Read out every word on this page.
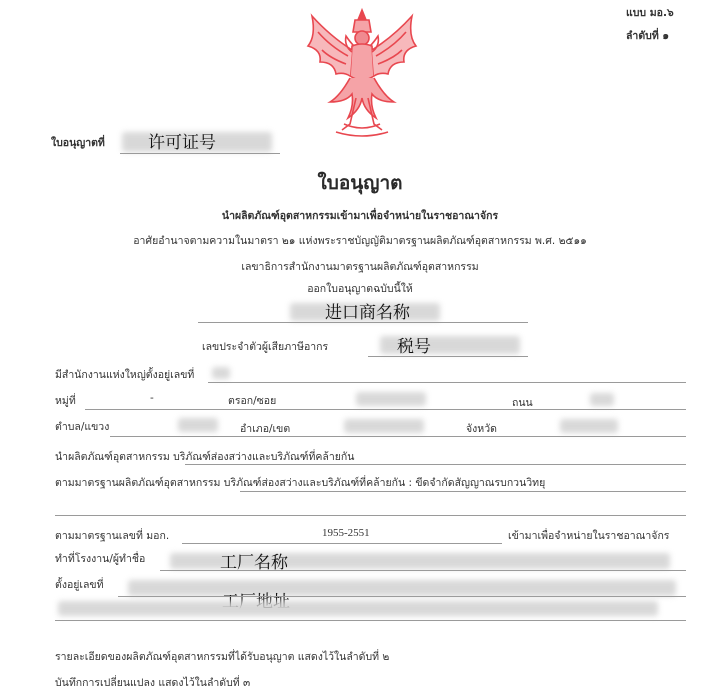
แบบ มอ.๖
ลำดับที่ ๑
ใบอนุญาตที่	许可证号
ใบอนุญาต
นำผลิตภัณฑ์อุตสาหกรรมเข้ามาเพื่อจำหน่ายในราชอาณาจักร
อาศัยอำนาจตามความในมาตรา ๒๑ แห่งพระราชบัญญัติมาตรฐานผลิตภัณฑ์อุตสาหกรรม พ.ศ. ๒๕๑๑
เลขาธิการสำนักงานมาตรฐานผลิตภัณฑ์อุตสาหกรรม
ออกใบอนุญาตฉบับนี้ให้
进口商名称
เลขประจำตัวผู้เสียภาษีอากร	税号
มีสำนักงานแห่งใหญ่ตั้งอยู่เลขที่
หมู่ที่	-	ตรอก/ซอย	ถนน
ตำบล/แขวง	อำเภอ/เขต	จังหวัด
นำผลิตภัณฑ์อุตสาหกรรม บริภัณฑ์ส่องสว่างและบริภัณฑ์ที่คล้ายกัน
ตามมาตรฐานผลิตภัณฑ์อุตสาหกรรม บริภัณฑ์ส่องสว่างและบริภัณฑ์ที่คล้ายกัน : ขีดจำกัดสัญญาณรบกวนวิทยุ
ตามมาตรฐานเลขที่ มอก.	1955-2551	เข้ามาเพื่อจำหน่ายในราชอาณาจักร
ทำที่โรงงาน/ผู้ทำชื่อ	工厂名称
ตั้งอยู่เลขที่
รายละเอียดของผลิตภัณฑ์อุตสาหกรรมที่ได้รับอนุญาต แสดงไว้ในลำดับที่ ๒
บันทึกการเปลี่ยนแปลง แสดงไว้ในลำดับที่ ๓
